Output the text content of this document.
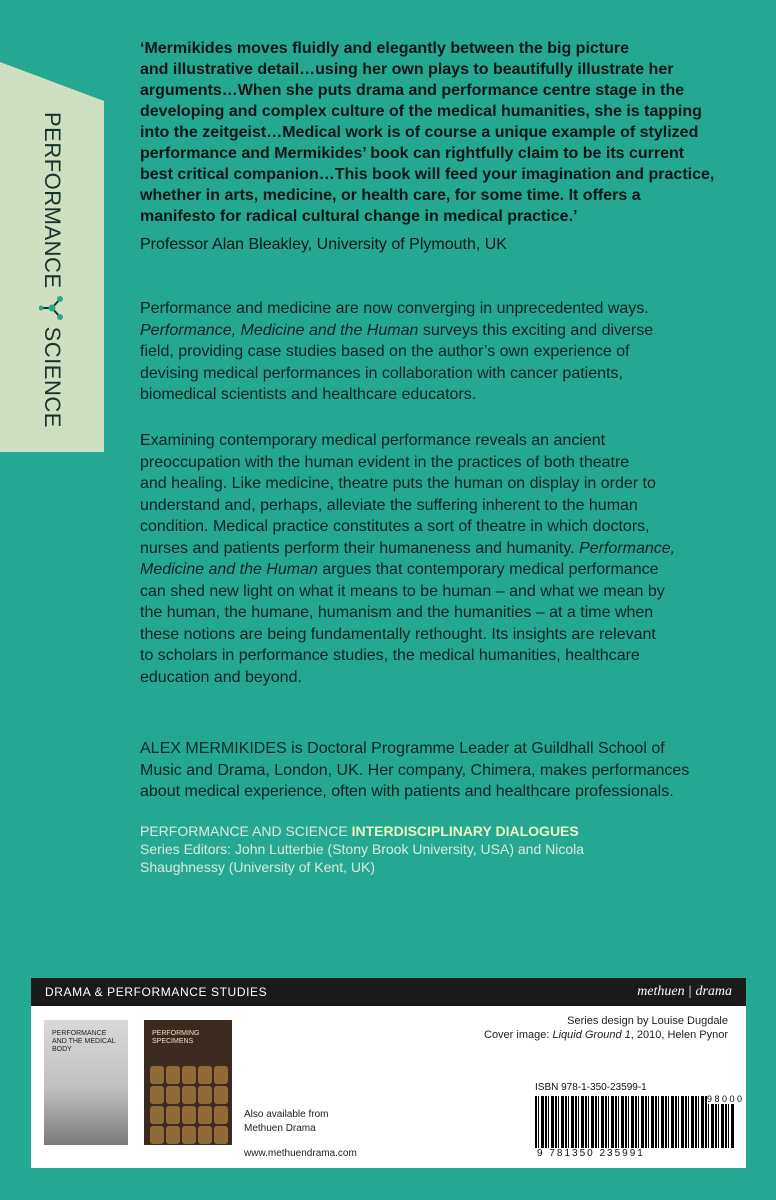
PERFORMANCE
SCIENCE

‘Mermikides moves fluidly and elegantly between the big picture

and illustrative detail…using her own plays to beautifully illustrate her

arguments…When she puts drama and performance centre stage in the

developing and complex culture of the medical humanities, she is tapping

into the zeitgeist…Medical work is of course a unique example of stylized

performance and Mermikides’ book can rightfully claim to be its current

best critical companion…This book will feed your imagination and practice,

whether in arts, medicine, or health care, for some time. It offers a

manifesto for radical cultural change in medical practice.’

Professor Alan Bleakley, University of Plymouth, UK

Performance and medicine are now converging in unprecedented ways.

Performance, Medicine and the Human surveys this exciting and diverse

field, providing case studies based on the author’s own experience of

devising medical performances in collaboration with cancer patients,

biomedical scientists and healthcare educators.

Examining contemporary medical performance reveals an ancient

preoccupation with the human evident in the practices of both theatre

and healing. Like medicine, theatre puts the human on display in order to

understand and, perhaps, alleviate the suffering inherent to the human

condition. Medical practice constitutes a sort of theatre in which doctors,

nurses and patients perform their humaneness and humanity. Performance,

Medicine and the Human argues that contemporary medical performance

can shed new light on what it means to be human – and what we mean by

the human, the humane, humanism and the humanities – at a time when

these notions are being fundamentally rethought. Its insights are relevant

to scholars in performance studies, the medical humanities, healthcare

education and beyond.

ALEX MERMIKIDES is Doctoral Programme Leader at Guildhall School of

Music and Drama, London, UK. Her company, Chimera, makes performances

about medical experience, often with patients and healthcare professionals.

PERFORMANCE AND SCIENCE INTERDISCIPLINARY DIALOGUES
Series Editors: John Lutterbie (Stony Brook University, USA) and Nicola
Shaughnessy (University of Kent, UK)
DRAMA & PERFORMANCE STUDIES	methuen | drama
Series design by Louise Dugdale
Cover image: Liquid Ground 1, 2010, Helen Pynor
PERFORMANCE AND THE MEDICAL BODY
PERFORMING SPECIMENS
Also available from
Methuen Drama
www.methuendrama.com
ISBN 978-1-350-23599-1
9 8 0 0 0
9 781350 235991
